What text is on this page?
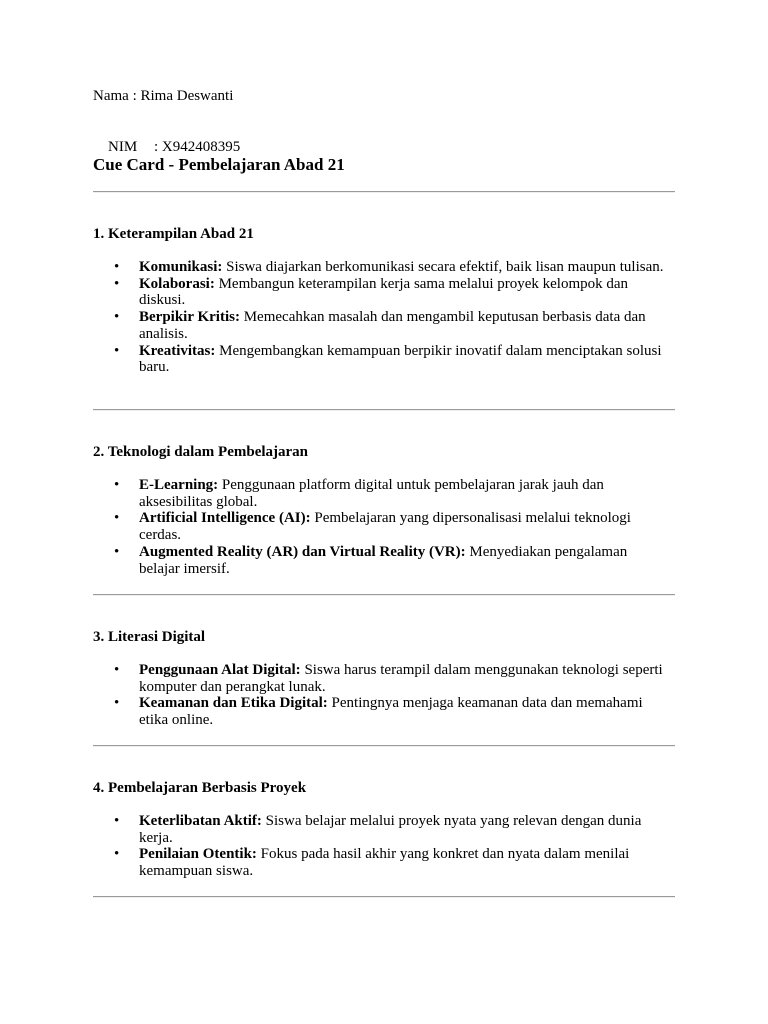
Nama : Rima Deswanti

NIM : X942408395

Cue Card - Pembelajaran Abad 21
1. Keterampilan Abad 21
• Komunikasi: Siswa diajarkan berkomunikasi secara efektif, baik lisan maupun tulisan.
• Kolaborasi: Membangun keterampilan kerja sama melalui proyek kelompok dan diskusi.
• Berpikir Kritis: Memecahkan masalah dan mengambil keputusan berbasis data dan analisis.
• Kreativitas: Mengembangkan kemampuan berpikir inovatif dalam menciptakan solusi baru.
2. Teknologi dalam Pembelajaran
• E-Learning: Penggunaan platform digital untuk pembelajaran jarak jauh dan aksesibilitas global.
• Artificial Intelligence (AI): Pembelajaran yang dipersonalisasi melalui teknologi cerdas.
• Augmented Reality (AR) dan Virtual Reality (VR): Menyediakan pengalaman belajar imersif.
3. Literasi Digital
• Penggunaan Alat Digital: Siswa harus terampil dalam menggunakan teknologi seperti komputer dan perangkat lunak.
• Keamanan dan Etika Digital: Pentingnya menjaga keamanan data dan memahami etika online.
4. Pembelajaran Berbasis Proyek
• Keterlibatan Aktif: Siswa belajar melalui proyek nyata yang relevan dengan dunia kerja.
• Penilaian Otentik: Fokus pada hasil akhir yang konkret dan nyata dalam menilai kemampuan siswa.
